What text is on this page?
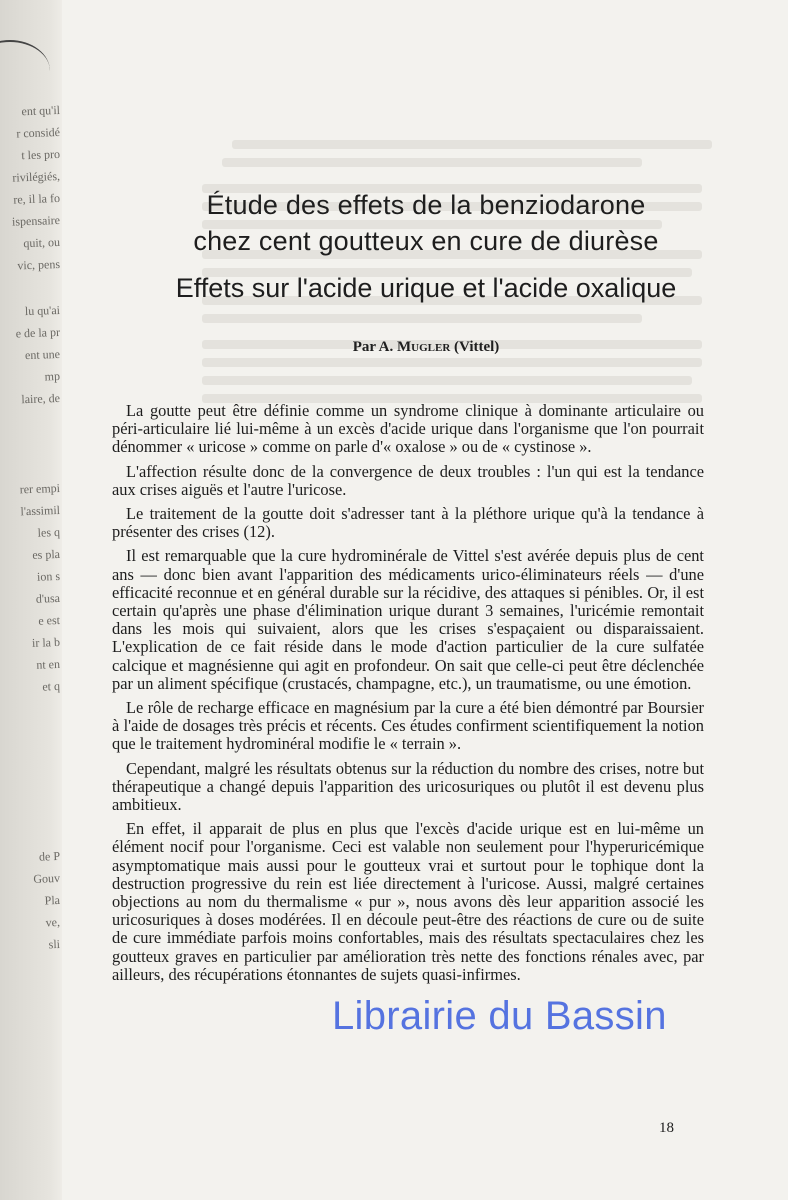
ent qu'il
r considé
t les pro
rivilégiés,
re, il la fo
ispensaire
quit, ou
vic, pens
lu qu'ai
e de la pr
ent une
mp
laire, de
rer empi
l'assimil
les q
es pla
ion s
d'usa
e est
ir la b
nt en
et q
de P
Gouv
Pla
ve,
sli
Étude des effets de la benziodarone
chez cent goutteux en cure de diurèse
Effets sur l'acide urique et l'acide oxalique
Par A. Mugler (Vittel)

La goutte peut être définie comme un syndrome clinique à dominante articulaire ou péri-articulaire lié lui-même à un excès d'acide urique dans l'organisme que l'on pourrait dénommer « uricose » comme on parle d'« oxalose » ou de « cystinose ».

L'affection résulte donc de la convergence de deux troubles : l'un qui est la tendance aux crises aiguës et l'autre l'uricose.

Le traitement de la goutte doit s'adresser tant à la pléthore urique qu'à la tendance à présenter des crises (12).

Il est remarquable que la cure hydrominérale de Vittel s'est avérée depuis plus de cent ans — donc bien avant l'apparition des médicaments urico-éliminateurs réels — d'une efficacité reconnue et en général durable sur la récidive, des attaques si pénibles. Or, il est certain qu'après une phase d'élimination urique durant 3 semaines, l'uricémie remontait dans les mois qui suivaient, alors que les crises s'espaçaient ou disparaissaient. L'explication de ce fait réside dans le mode d'action particulier de la cure sulfatée calcique et magnésienne qui agit en profondeur. On sait que celle-ci peut être déclenchée par un aliment spécifique (crustacés, champagne, etc.), un traumatisme, ou une émotion.

Le rôle de recharge efficace en magnésium par la cure a été bien démontré par Boursier à l'aide de dosages très précis et récents. Ces études confirment scientifiquement la notion que le traitement hydrominéral modifie le « terrain ».

Cependant, malgré les résultats obtenus sur la réduction du nombre des crises, notre but thérapeutique a changé depuis l'apparition des uricosuriques ou plutôt il est devenu plus ambitieux.

En effet, il apparait de plus en plus que l'excès d'acide urique est en lui-même un élément nocif pour l'organisme. Ceci est valable non seulement pour l'hyperuricémique asymptomatique mais aussi pour le goutteux vrai et surtout pour le tophique dont la destruction progressive du rein est liée directement à l'uricose. Aussi, malgré certaines objections au nom du thermalisme « pur », nous avons dès leur apparition associé les uricosuriques à doses modérées. Il en découle peut-être des réactions de cure ou de suite de cure immédiate parfois moins confortables, mais des résultats spectaculaires chez les goutteux graves en particulier par amélioration très nette des fonctions rénales avec, par ailleurs, des récupérations étonnantes de sujets quasi-infirmes.

18
Librairie du Bassin
